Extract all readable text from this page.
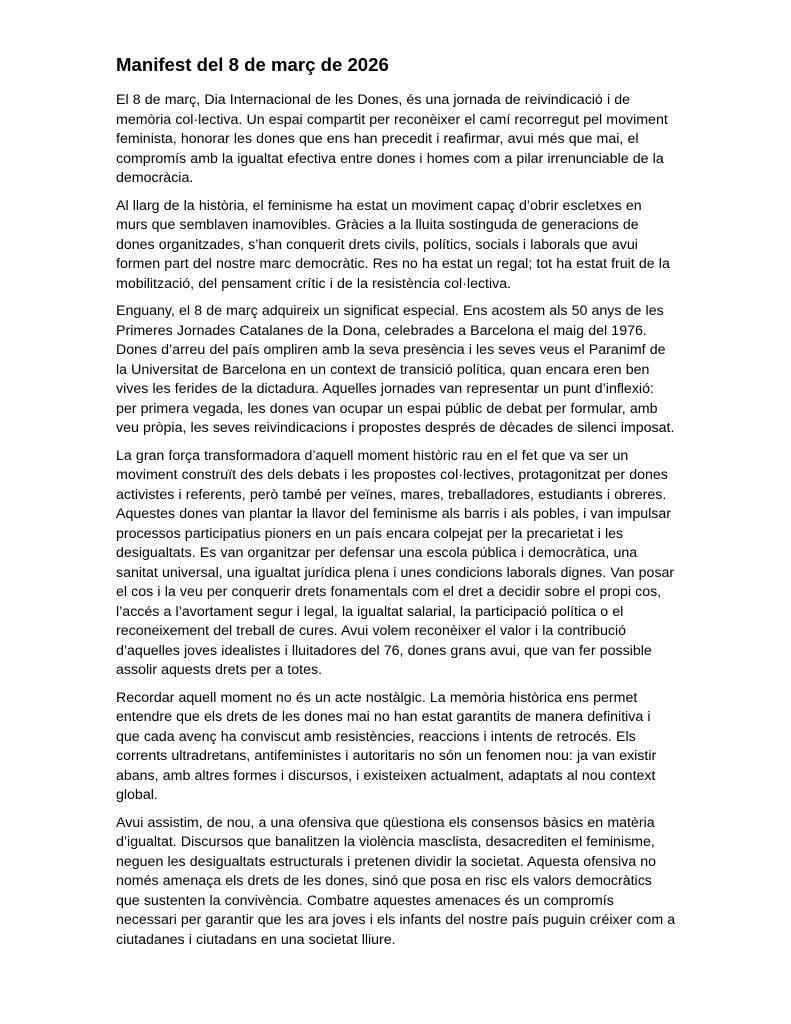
Manifest del 8 de març de 2026

El 8 de març, Dia Internacional de les Dones, és una jornada de reivindicació i de memòria col·lectiva. Un espai compartit per reconèixer el camí recorregut pel moviment feminista, honorar les dones que ens han precedit i reafirmar, avui més que mai, el compromís amb la igualtat efectiva entre dones i homes com a pilar irrenunciable de la democràcia.

Al llarg de la història, el feminisme ha estat un moviment capaç d’obrir escletxes en murs que semblaven inamovibles. Gràcies a la lluita sostinguda de generacions de dones organitzades, s’han conquerit drets civils, polítics, socials i laborals que avui formen part del nostre marc democràtic. Res no ha estat un regal; tot ha estat fruit de la mobilització, del pensament crític i de la resistència col·lectiva.

Enguany, el 8 de març adquireix un significat especial. Ens acostem als 50 anys de les Primeres Jornades Catalanes de la Dona, celebrades a Barcelona el maig del 1976. Dones d’arreu del país ompliren amb la seva presència i les seves veus el Paranimf de la Universitat de Barcelona en un context de transició política, quan encara eren ben vives les ferides de la dictadura. Aquelles jornades van representar un punt d’inflexió: per primera vegada, les dones van ocupar un espai públic de debat per formular, amb veu pròpia, les seves reivindicacions i propostes després de dècades de silenci imposat.

La gran força transformadora d’aquell moment històric rau en el fet que va ser un moviment construït des dels debats i les propostes col·lectives, protagonitzat per dones activistes i referents, però també per veïnes, mares, treballadores, estudiants i obreres. Aquestes dones van plantar la llavor del feminisme als barris i als pobles, i van impulsar processos participatius pioners en un país encara colpejat per la precarietat i les desigualtats. Es van organitzar per defensar una escola pública i democràtica, una sanitat universal, una igualtat jurídica plena i unes condicions laborals dignes. Van posar el cos i la veu per conquerir drets fonamentals com el dret a decidir sobre el propi cos, l’accés a l’avortament segur i legal, la igualtat salarial, la participació política o el reconeixement del treball de cures. Avui volem reconèixer el valor i la contribució d’aquelles joves idealistes i lluitadores del 76, dones grans avui, que van fer possible assolir aquests drets per a totes.

Recordar aquell moment no és un acte nostàlgic. La memòria històrica ens permet entendre que els drets de les dones mai no han estat garantits de manera definitiva i que cada avenç ha conviscut amb resistències, reaccions i intents de retrocés. Els corrents ultradretans, antifeministes i autoritaris no són un fenomen nou: ja van existir abans, amb altres formes i discursos, i existeixen actualment, adaptats al nou context global.

Avui assistim, de nou, a una ofensiva que qüestiona els consensos bàsics en matèria d’igualtat. Discursos que banalitzen la violència masclista, desacrediten el feminisme, neguen les desigualtats estructurals i pretenen dividir la societat. Aquesta ofensiva no només amenaça els drets de les dones, sinó que posa en risc els valors democràtics que sustenten la convivència. Combatre aquestes amenaces és un compromís necessari per garantir que les ara joves i els infants del nostre país puguin créixer com a ciutadanes i ciutadans en una societat lliure.
